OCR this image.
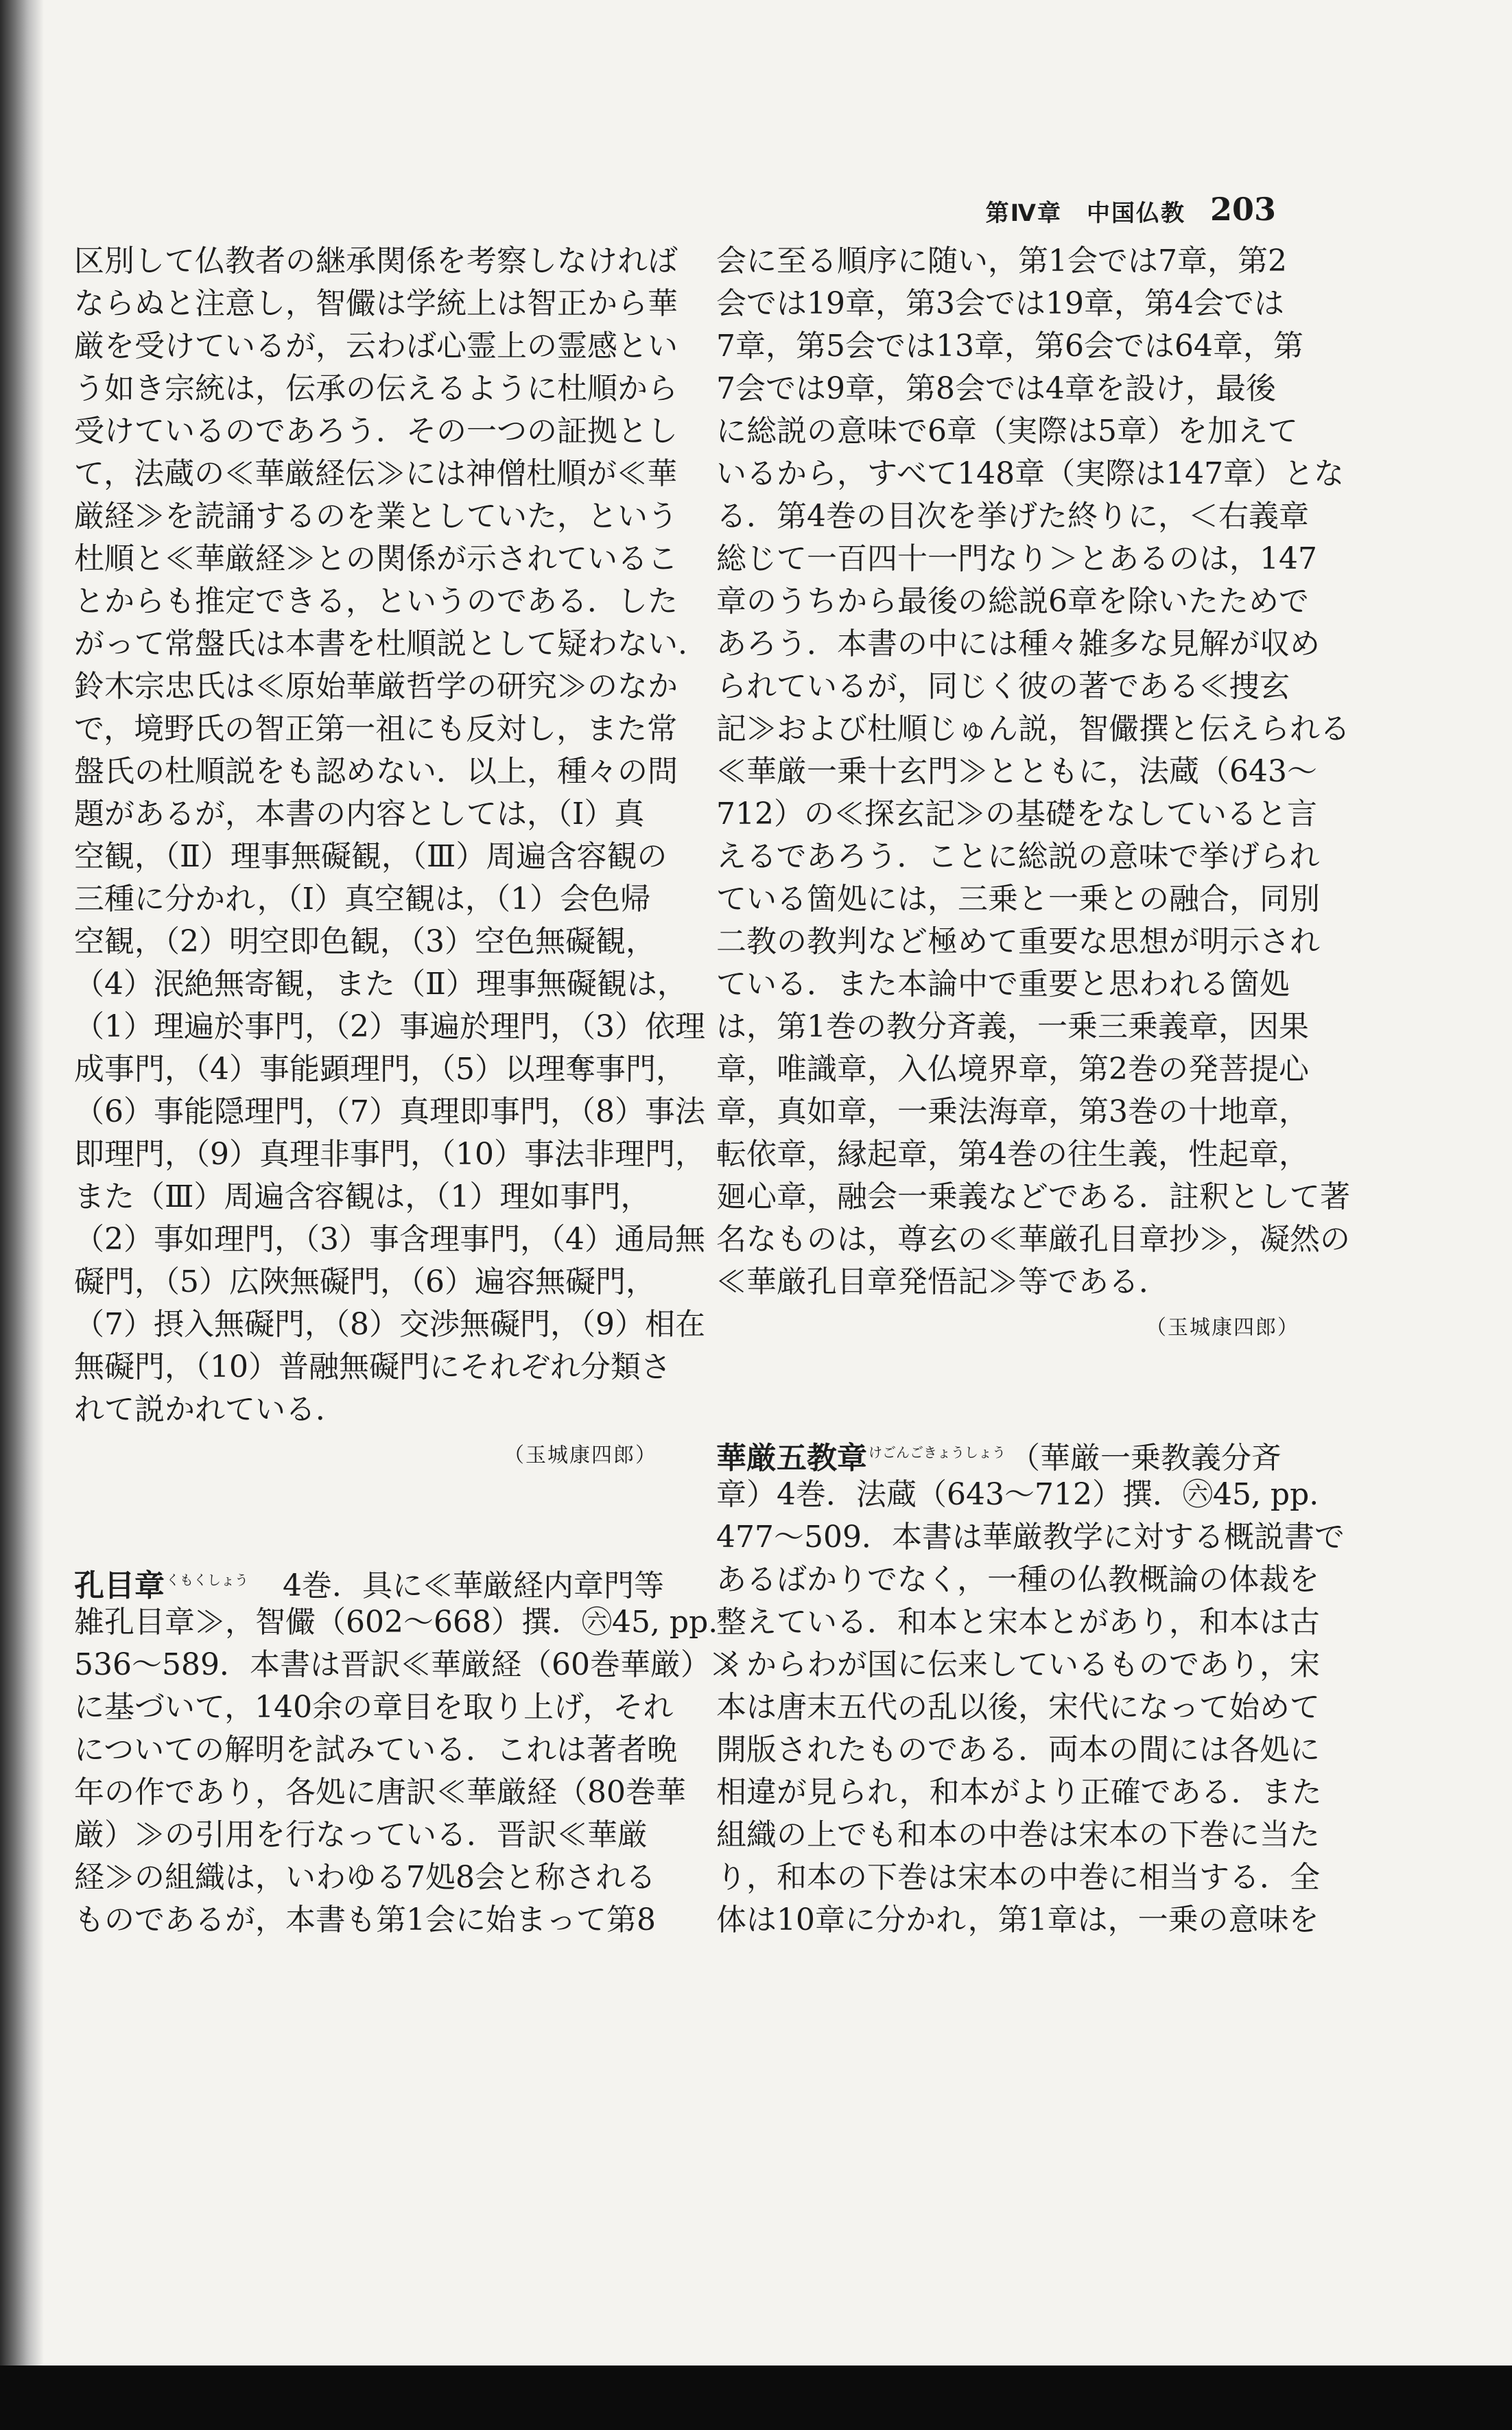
第Ⅳ章　中国仏教 203
区別して仏教者の継承関係を考察しなければ
ならぬと注意し，智儼は学統上は智正から華
厳を受けているが，云わば心霊上の霊感とい
う如き宗統は，伝承の伝えるように杜順から
受けているのであろう．その一つの証拠とし
て，法蔵の≪華厳経伝≫には神僧杜順が≪華
厳経≫を読誦するのを業としていた，という
杜順と≪華厳経≫との関係が示されているこ
とからも推定できる，というのである．した
がって常盤氏は本書を杜順説として疑わない.
鈴木宗忠氏は≪原始華厳哲学の研究≫のなか
で，境野氏の智正第一祖にも反対し，また常
盤氏の杜順説をも認めない．以上，種々の問
題があるが，本書の内容としては，（Ⅰ）真
空観，（Ⅱ）理事無礙観，（Ⅲ）周遍含容観の
三種に分かれ，（Ⅰ）真空観は，（1）会色帰
空観，（2）明空即色観，（3）空色無礙観，
（4）泯絶無寄観，また（Ⅱ）理事無礙観は，
（1）理遍於事門，（2）事遍於理門，（3）依理
成事門，（4）事能顕理門，（5）以理奪事門，
（6）事能隠理門，（7）真理即事門，（8）事法
即理門，（9）真理非事門，（10）事法非理門，
また（Ⅲ）周遍含容観は，（1）理如事門，
（2）事如理門，（3）事含理事門，（4）通局無
礙門，（5）広陜無礙門，（6）遍容無礙門，
（7）摂入無礙門，（8）交渉無礙門，（9）相在
無礙門，（10）普融無礙門にそれぞれ分類さ
れて説かれている．
（玉城康四郎）
孔目章 $^{くもくしょう}$　4巻．具に≪華厳経内章門等
雑孔目章≫，智儼（602～668）撰．㊅45, pp.
536～589．本書は晋訳≪華厳経（60巻華厳）≫
に基づいて，140余の章目を取り上げ，それ
についての解明を試みている．これは著者晩
年の作であり，各処に唐訳≪華厳経（80巻華
厳）≫の引用を行なっている．晋訳≪華厳
経≫の組織は，いわゆる7処8会と称される
ものであるが，本書も第1会に始まって第8
会に至る順序に随い，第1会では7章，第2
会では19章，第3会では19章，第4会では
7章，第5会では13章，第6会では64章，第
7会では9章，第8会では4章を設け，最後
に総説の意味で6章（実際は5章）を加えて
いるから，すべて148章（実際は147章）とな
る．第4巻の目次を挙げた終りに，＜右義章
総じて一百四十一門なり＞とあるのは，147
章のうちから最後の総説6章を除いたためで
あろう．本書の中には種々雑多な見解が収め
られているが，同じく彼の著である≪捜玄
記≫および杜順じゅん説，智儼撰と伝えられる
≪華厳一乗十玄門≫とともに，法蔵（643～
712）の≪探玄記≫の基礎をなしていると言
えるであろう．ことに総説の意味で挙げられ
ている箇処には，三乗と一乗との融合，同別
二教の教判など極めて重要な思想が明示され
ている．また本論中で重要と思われる箇処
は，第1巻の教分斉義，一乗三乗義章，因果
章，唯識章，入仏境界章，第2巻の発菩提心
章，真如章，一乗法海章，第3巻の十地章，
転依章，縁起章，第4巻の往生義，性起章，
廻心章，融会一乗義などである．註釈として著
名なものは，尊玄の≪華厳孔目章抄≫，凝然の
≪華厳孔目章発悟記≫等である．
（玉城康四郎）
華厳五教章 $^{けごんごきょうしょう}$ （華厳一乗教義分斉
章）4巻．法蔵（643～712）撰．㊅45, pp.
477～509．本書は華厳教学に対する概説書で
あるばかりでなく，一種の仏教概論の体裁を
整えている．和本と宋本とがあり，和本は古
くからわが国に伝来しているものであり，宋
本は唐末五代の乱以後，宋代になって始めて
開版されたものである．両本の間には各処に
相違が見られ，和本がより正確である．また
組織の上でも和本の中巻は宋本の下巻に当た
り，和本の下巻は宋本の中巻に相当する．全
体は10章に分かれ，第1章は，一乗の意味を
